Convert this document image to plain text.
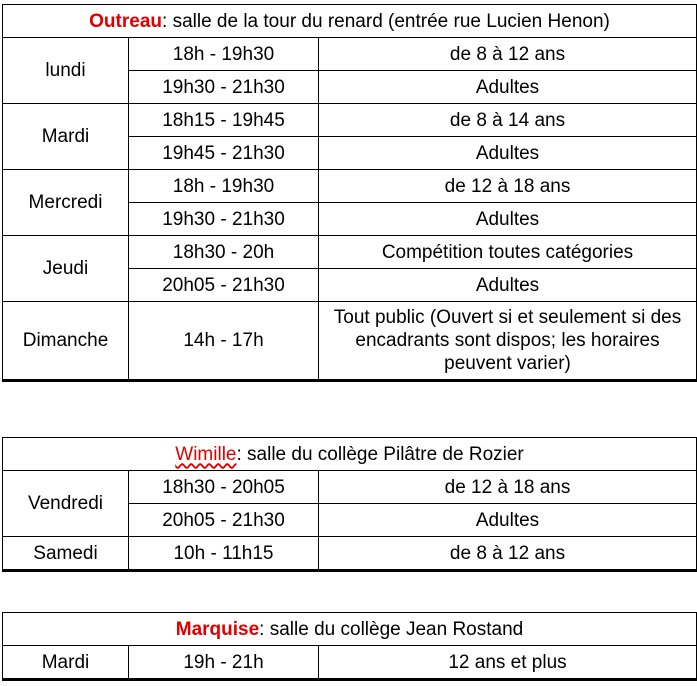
Outreau: salle de la tour du renard (entrée rue Lucien Henon)		
lundi	18h - 19h30	de 8 à 12 ans
	19h30 - 21h30	Adultes
Mardi	18h15 - 19h45	de 8 à 14 ans
	19h45 - 21h30	Adultes
Mercredi	18h - 19h30	de 12 à 18 ans
	19h30 - 21h30	Adultes
Jeudi	18h30 - 20h	Compétition toutes catégories
	20h05 - 21h30	Adultes
Dimanche	14h - 17h	Tout public (Ouvert si et seulement si des encadrants sont dispos; les horaires peuvent varier)
Wimille: salle du collège Pilâtre de Rozier		
Vendredi	18h30 - 20h05	de 12 à 18 ans
	20h05 - 21h30	Adultes
Samedi	10h - 11h15	de 8 à 12 ans
Marquise: salle du collège Jean Rostand
Mardi	19h - 21h	12 ans et plus
